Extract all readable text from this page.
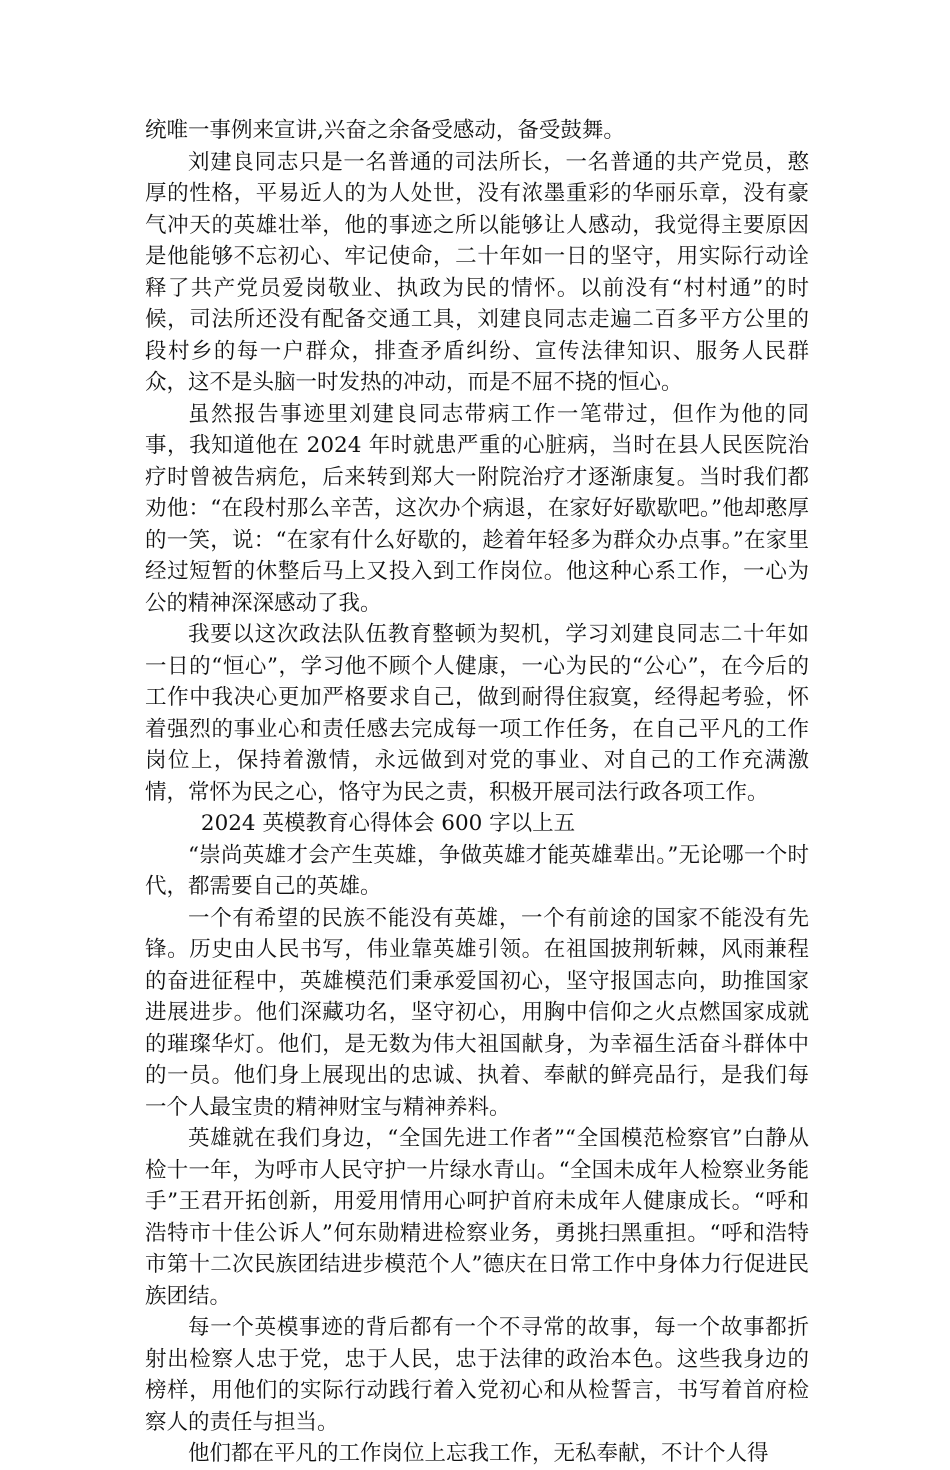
统唯一事例来宣讲,兴奋之余备受感动，备受鼓舞。

刘建良同志只是一名普通的司法所长，一名普通的共产党员，憨厚的性格，平易近人的为人处世，没有浓墨重彩的华丽乐章，没有豪气冲天的英雄壮举，他的事迹之所以能够让人感动，我觉得主要原因是他能够不忘初心、牢记使命，二十年如一日的坚守，用实际行动诠释了共产党员爱岗敬业、执政为民的情怀。以前没有“村村通”的时候，司法所还没有配备交通工具，刘建良同志走遍二百多平方公里的段村乡的每一户群众，排查矛盾纠纷、宣传法律知识、服务人民群众，这不是头脑一时发热的冲动，而是不屈不挠的恒心。

虽然报告事迹里刘建良同志带病工作一笔带过，但作为他的同事，我知道他在 2024 年时就患严重的心脏病，当时在县人民医院治疗时曾被告病危，后来转到郑大一附院治疗才逐渐康复。当时我们都劝他：“在段村那么辛苦，这次办个病退，在家好好歇歇吧。”他却憨厚的一笑，说：“在家有什么好歇的，趁着年轻多为群众办点事。”在家里经过短暂的休整后马上又投入到工作岗位。他这种心系工作，一心为公的精神深深感动了我。

我要以这次政法队伍教育整顿为契机，学习刘建良同志二十年如一日的“恒心”，学习他不顾个人健康，一心为民的“公心”，在今后的工作中我决心更加严格要求自己，做到耐得住寂寞，经得起考验，怀着强烈的事业心和责任感去完成每一项工作任务，在自己平凡的工作岗位上，保持着激情，永远做到对党的事业、对自己的工作充满激情，常怀为民之心，恪守为民之责，积极开展司法行政各项工作。

2024 英模教育心得体会 600 字以上五

“崇尚英雄才会产生英雄，争做英雄才能英雄辈出。”无论哪一个时代，都需要自己的英雄。

一个有希望的民族不能没有英雄，一个有前途的国家不能没有先锋。历史由人民书写，伟业靠英雄引领。在祖国披荆斩棘，风雨兼程的奋进征程中，英雄模范们秉承爱国初心，坚守报国志向，助推国家进展进步。他们深藏功名，坚守初心，用胸中信仰之火点燃国家成就的璀璨华灯。他们，是无数为伟大祖国献身，为幸福生活奋斗群体中的一员。他们身上展现出的忠诚、执着、奉献的鲜亮品行，是我们每一个人最宝贵的精神财宝与精神养料。

英雄就在我们身边，“全国先进工作者”“全国模范检察官”白静从检十一年，为呼市人民守护一片绿水青山。“全国未成年人检察业务能手”王君开拓创新，用爱用情用心呵护首府未成年人健康成长。“呼和浩特市十佳公诉人”何东勋精进检察业务，勇挑扫黑重担。“呼和浩特市第十二次民族团结进步模范个人”德庆在日常工作中身体力行促进民族团结。

每一个英模事迹的背后都有一个不寻常的故事，每一个故事都折射出检察人忠于党，忠于人民，忠于法律的政治本色。这些我身边的榜样，用他们的实际行动践行着入党初心和从检誓言，书写着首府检察人的责任与担当。

他们都在平凡的工作岗位上忘我工作，无私奉献，不计个人得
